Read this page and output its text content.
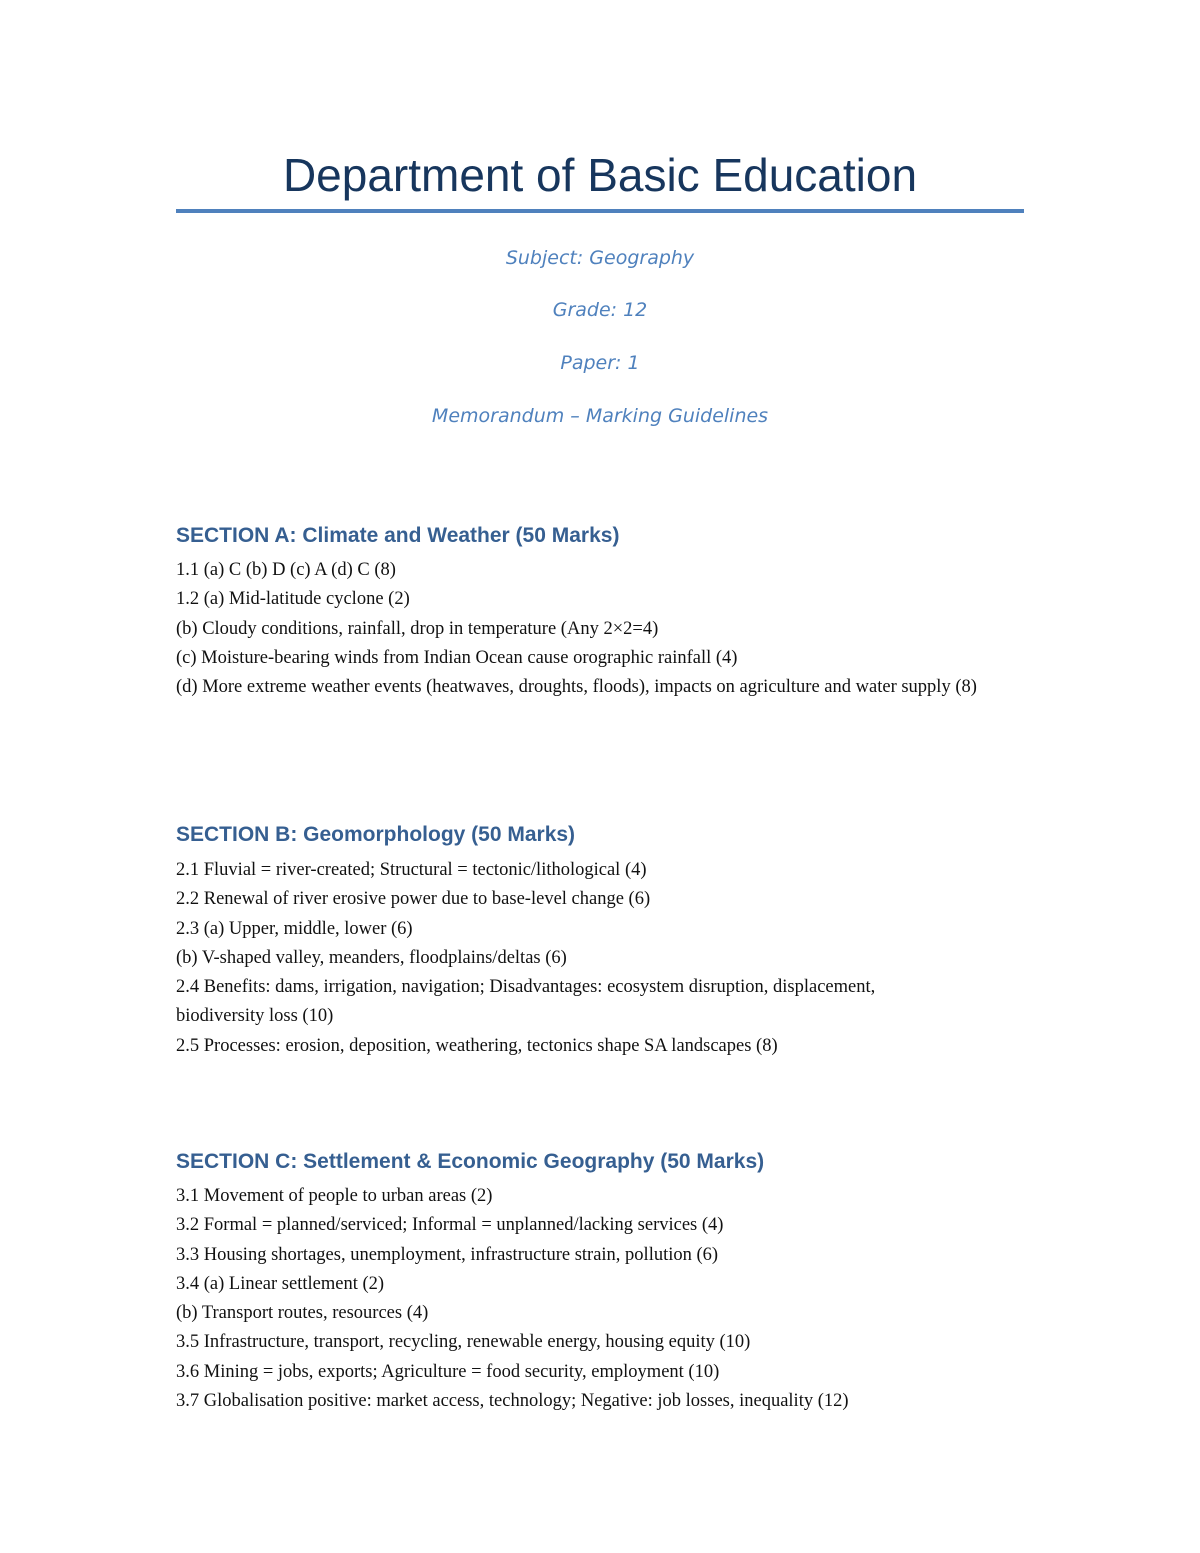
Department of Basic Education
Subject: Geography
Grade: 12
Paper: 1
Memorandum – Marking Guidelines
SECTION A: Climate and Weather (50 Marks)
1.1 (a) C (b) D (c) A (d) C (8)
1.2 (a) Mid-latitude cyclone (2)
(b) Cloudy conditions, rainfall, drop in temperature (Any 2×2=4)
(c) Moisture-bearing winds from Indian Ocean cause orographic rainfall (4)
(d) More extreme weather events (heatwaves, droughts, floods), impacts on agriculture and water supply (8)
SECTION B: Geomorphology (50 Marks)
2.1 Fluvial = river-created; Structural = tectonic/lithological (4)
2.2 Renewal of river erosive power due to base-level change (6)
2.3 (a) Upper, middle, lower (6)
(b) V-shaped valley, meanders, floodplains/deltas (6)
2.4 Benefits: dams, irrigation, navigation; Disadvantages: ecosystem disruption, displacement, biodiversity loss (10)
2.5 Processes: erosion, deposition, weathering, tectonics shape SA landscapes (8)
SECTION C: Settlement & Economic Geography (50 Marks)
3.1 Movement of people to urban areas (2)
3.2 Formal = planned/serviced; Informal = unplanned/lacking services (4)
3.3 Housing shortages, unemployment, infrastructure strain, pollution (6)
3.4 (a) Linear settlement (2)
(b) Transport routes, resources (4)
3.5 Infrastructure, transport, recycling, renewable energy, housing equity (10)
3.6 Mining = jobs, exports; Agriculture = food security, employment (10)
3.7 Globalisation positive: market access, technology; Negative: job losses, inequality (12)
